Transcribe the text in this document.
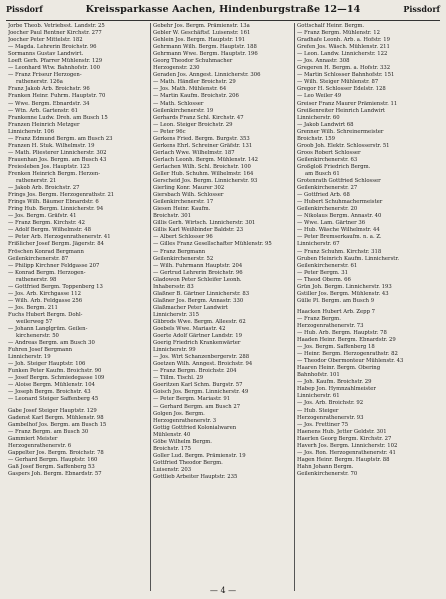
Pissdorf	Kreissparkasse Aachen, Hindenburgstraße 12—14	Pissdorf
Jorbe Theob. Vetriebsst. Landstr. 25
Joecher Paul Rentner Kirchstr. 277
Joecher Peter Mittelstr. 182
— Magda. Lehrerin Broichstr. 96
Sormanns Gustav Landwirt.
Loeft Gerh. Pfarrer Mühlenstr. 129
— Leonhard Wtw. Bahnhofstr. 100
— Franz Friseur Herzogen-
rathenerstr. 126a
Franz Jakob Arb. Broichstr. 96
Franken Heinr. Fuhrm. Hauptstr. 70
— Wwe. Bergm. Ebnardstr. 34
— Wtn. Arb. Gartenstr. 61
Frankenne Ludw. Dreh. am Busch 15
Franzen Heinrich Metzger
Linnicherstr. 106
— Franz Edmund Bergm. am Busch 23
Franzen H. Stuk. Wilhelmstr. 19
— Math. Pliesterer Linnicherstr. 302
Frauenhan Jos. Bergm. am Busch 43
Freiesleben Jos. Hauptstr. 123
Frenken Heinrich Bergm. Herzen-
rathenerstr. 21
— Jakob Arb. Broichstr. 27
Frings Jos. Bergm. Herzogenrathstr. 21
Frings Wilh. Bäumer Ebnardstr. 6
Fring Hub. Bergm. Linnicherstr. 94
— Jos. Bergm. Gräfstr. 41
— Franz Bergm. Kirchstr. 42
— Adolf Bergm. Wilhelmstr. 48
— Peter Arb. Herzogenrathenerstr. 41
Frißlicher Josef Bergm. Jägerstr. 84
Fröschen Konrad Bergmann
Geilenkirchenerstr. 87
— Philipp Kirchner Feldgasse 207
— Konrad Bergm. Herzogen-
rathenerstr. 98
— Gottfried Bergm. Toppenberg 13
— Jos. Arb. Kirchgasse 112
— Wilh. Arb. Feldgasse 256
— Jos. Bergm. 211
Fuchs Hubert Bergm. Dohl-
weilerweg 57
— Johann Langlgrüm. Geilen-
kirchenerstr. 50
— Andreas Bergm. am Busch 30
Fuhren Josef Bergmann
Linnicherstr. 19
— Joh. Steiger Hauptstr. 106
Funken Peter Kaufm. Broichstr. 90
— Josef Bergm. Schmiedegasse 109
— Aloise Bergm. Mühlenstr. 104
— Joseph Bergm. Broichstr. 43
— Leonard Steiger Saffenberg 45
Gabe Josef Steiger Hauptstr. 129
Gadenst Karl Bergm. Mühlenstr. 98
Gambelhof Jos. Bergm. am Busch 15
— Franz Bergm. am Busch 30
Gammiert Meister
Herzogenrathenerstr. 6
Gappelter Jos. Bergm. Broichstr. 78
— Gerhard Bergm. Hauptstr. 160
Gaß Josef Bergm. Saffenberg 53
Gaspers Joh. Bergm. Ebnardstr. 57
Gebehr Jos. Bergm. Prämienstr. 13a
Gebler W. Geschäftsf. Luisenstr. 161
Gehlein Jos. Bergm. Hauptstr. 191
Gehrmann Wilh. Bergm. Hauptstr. 188
Gehrmann Wwe. Bergm. Hauptstr. 196
Georg Theodor Schuhmacher
Herzogenstr. 230
Geraden Jos. Anngest. Linnicherstr. 306
— Math. Händler Broichstr. 29
— Jos. Math. Mühlenstr. 64
— Martin Kaufm. Broichstr. 206
— Math. Schlosser
Geilenkirchenerstr. 19
Gerhards Franz Schl. Kirchstr. 47
— Leon. Steiger Broichstr. 29
— Peter 96c
Gerkens Fried. Bergm. Burgstr. 353
Gerkens Ehrl. Schreiner Gräfstr. 131
Gerlach Wwe. Wilhelmstr. 187
Gerlach Leonh. Bergm. Mühlenstr. 142
Gerlachen Wilh. Schl. Broichstr. 100
Geller Hub. Schuhm. Wilhelmstr. 164
Gerscheid Jos. Bergm. Linnicherstr. 93
Gierling Konr. Maurer 302
Giersbach Wilh. Schlosser
Geilenkirchenerstr. 17
Giesen Heinr. Kaufm.
Broichstr. 301
Gillis Gerh. Wirtsch. Linnicherstr. 301
Gillis Karl Weißbinder Baldstr. 23
— Albert Schlosser 96
— Gilles Franz Gesellschafter Mühlenstr. 95
— Franz Bergmann
Geilenkirchenerstr. 52
— Wilh. Fuhrmann Hauptstr. 204
— Gertrud Lehrerin Broichstr. 96
Gladowon Peter Schleifer Leonh.
Inhabersstr. 83
Glaßner B. Gärtner Linnicherstr. 83
Glaßner Jos. Bergm. Annastr. 330
Glaßmacher Peter Landwirt
Linnicherstr. 315
Glibrods Wwe. Bergm. Alleestr. 62
Goebels Wwe. Mariastr. 42
Goerte Adolf Gärtner Landstr. 19
Goerig Friedrich Krankenwärter
Linnicherstr. 99
— Jos. Wirt Schanzenbergerstr. 288
Goetzen Wilh. Anngest. Broichstr. 94
— Franz Bergm. Broichstr. 204
— Tillm. Tischl. 29
Goeritzen Karl Schm. Burgstr. 57
Goisch Jos. Bergm. Linnicherstr. 49
— Peter Bergm. Mariastr. 91
— Gerhard Bergm. am Busch 27
Golgen Jos. Bergm.
Herzogenrathenerstr. 3
Gottig Gottfried Kolonialwaren
Mühlenstr. 40
Göbe Wilhelm Bergm.
Broichstr. 175
Goller Lud. Bergm. Prämienstr. 19
Gottfried Theodor Bergm.
Luisenstr. 203
Gottlieb Arbeiter Hauptstr. 235
Gottschalf Heinr. Bergm.
— Franz Bergm. Mühlenstr. 12
Gradhafe Leonh. Arb. a. Hofstr. 19
Grefen Jos. Wäsch. Mühlenstr. 211
— Leon. Landw. Linnicherstr. 122
— Jos. Annastr. 308
Gregeren H. Bergm. a. Hofstr. 332
— Martin Schlosser Bahnhofstr. 151
— Wilh. Steiger Mühlenstr. 87
Gregor H. Schlosser Edelstr. 128
— Leo Weiler 49
Greiser Franz Maurer Prämienstr. 11
Greißenreiter Heinrich Landwirt
Linnicherstr. 60
— Jakob Landwirt 68
Grenner Wilh. Schreinermeister
Broichstr. 159
Groob Joh. Elektr. Schlosserstr. 51
Groos Robert Schlosser
Geilenkirchenerstr. 63
Großgloß Friedrich Bergm.
am Busch 61
Grotenrath Gottfried Schlosser
Geilenkirchenerstr. 27
— Gottfried Arb. 68
— Hubert Schuhmachermeister
Geilenkirchenerstr. 20
— Nikolaus Bergm. Annastr. 40
— Wwe. Lam. Gärtner 36
— Hub. Wäsche Wilhelmstr. 44
— Peter Bremserkaufm. n. a. Z.
Linnicherstr. 67
— Franz Schuhm. Kirchstr. 318
Gruben Heinrich Kaufm. Linnicherstr.
Geilenkirchenerstr. 61
— Peter Bergm. 31
— Theod Oberm. 66
Grün Joh. Bergm. Linnicherstr. 193
Gstiller Jos. Bergm. Mühlenstr. 43
Gülle Pl. Bergm. am Busch 9
Haacken Hubert Arb. Zepp 7
— Franz Bergm.
Herzogenrathenerstr. 73
— Hub. Arb. Bergm. Hauptstr. 78
Haaden Heinr. Bergm. Ebnardstr. 29
— Jos. Bergm. Saffenberg 18
— Heinr. Bergm. Herzogenrathstr. 82
— Theodor Obermonteur Mühlenstr. 43
Haaren Heinr. Bergm. Obering
Bahnhofstr. 101
— Joh. Kaufm. Broichstr. 29
Habep Jon. Hymnzahlmeister
Linnicherstr. 61
— Jos. Arb. Broichstr. 92
— Hub. Steiger
Herzogenrathenerstr. 93
— Jos. Frettiner 75
Haenens Hub. Jetter Geldstr. 301
Haerlen Georg Bergm. Kirchstr. 27
Haverh Jos. Bergm. Linnicherstr. 102
— Jos. Ron. Herzogenrathenerstr. 41
Hagen Heinr. Bergm. Hauptstr. 88
Hahn Johann Bergm.
Geilenkirchenerstr. 70
— 4 —
